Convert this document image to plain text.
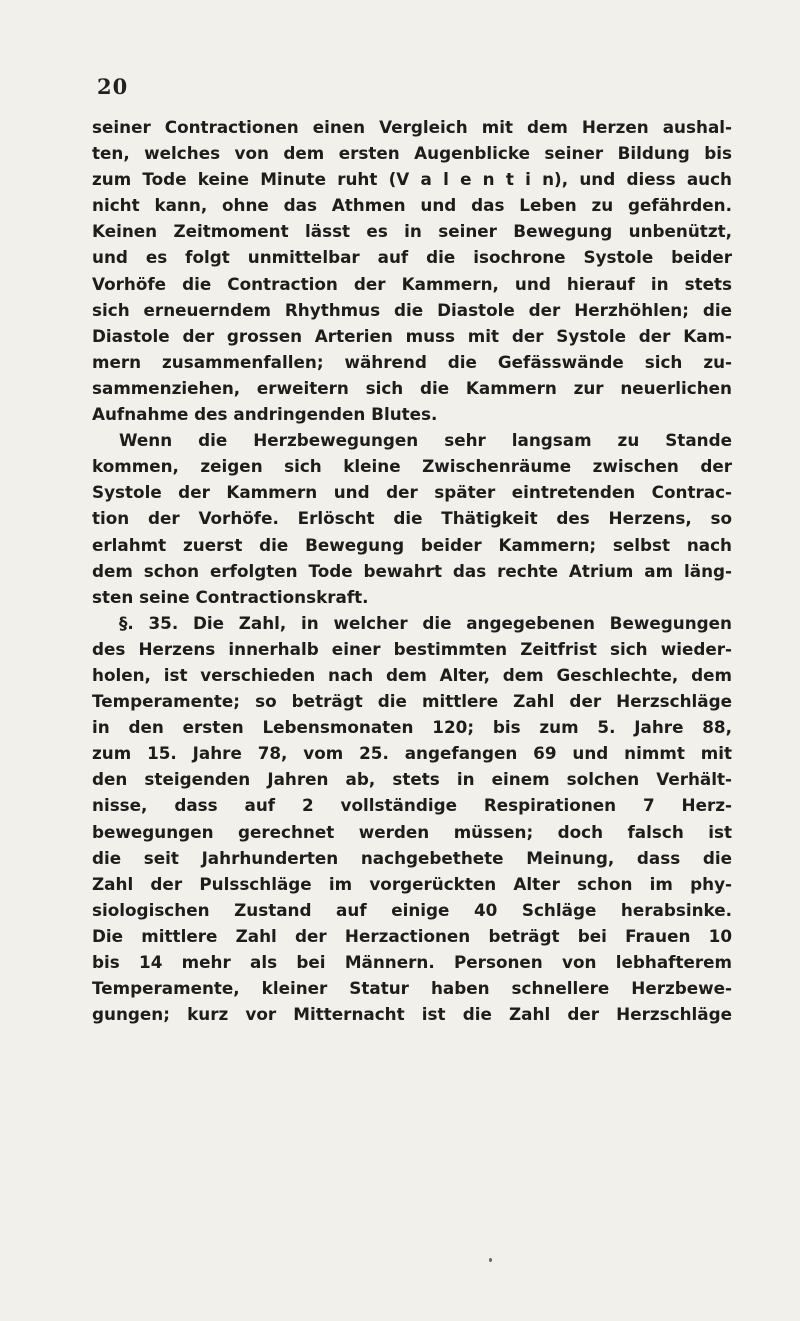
20
seiner Contractionen einen Vergleich mit dem Herzen aushal-
ten, welches von dem ersten Augenblicke seiner Bildung bis
zum Tode keine Minute ruht (V a l e n t i n), und diess auch
nicht kann, ohne das Athmen und das Leben zu gefährden.
Keinen Zeitmoment lässt es in seiner Bewegung unbenützt,
und es folgt unmittelbar auf die isochrone Systole beider
Vorhöfe die Contraction der Kammern, und hierauf in stets
sich erneuerndem Rhythmus die Diastole der Herzhöhlen; die
Diastole der grossen Arterien muss mit der Systole der Kam-
mern zusammenfallen; während die Gefässwände sich zu-
sammenziehen, erweitern sich die Kammern zur neuerlichen
Aufnahme des andringenden Blutes.
Wenn die Herzbewegungen sehr langsam zu Stande
kommen, zeigen sich kleine Zwischenräume zwischen der
Systole der Kammern und der später eintretenden Contrac-
tion der Vorhöfe. Erlöscht die Thätigkeit des Herzens, so
erlahmt zuerst die Bewegung beider Kammern; selbst nach
dem schon erfolgten Tode bewahrt das rechte Atrium am läng-
sten seine Contractionskraft.
§. 35. Die Zahl, in welcher die angegebenen Bewegungen
des Herzens innerhalb einer bestimmten Zeitfrist sich wieder-
holen, ist verschieden nach dem Alter, dem Geschlechte, dem
Temperamente; so beträgt die mittlere Zahl der Herzschläge
in den ersten Lebensmonaten 120; bis zum 5. Jahre 88,
zum 15. Jahre 78, vom 25. angefangen 69 und nimmt mit
den steigenden Jahren ab, stets in einem solchen Verhält-
nisse, dass auf 2 vollständige Respirationen 7 Herz-
bewegungen gerechnet werden müssen; doch falsch ist
die seit Jahrhunderten nachgebethete Meinung, dass die
Zahl der Pulsschläge im vorgerückten Alter schon im phy-
siologischen Zustand auf einige 40 Schläge herabsinke.
Die mittlere Zahl der Herzactionen beträgt bei Frauen 10
bis 14 mehr als bei Männern. Personen von lebhafterem
Temperamente, kleiner Statur haben schnellere Herzbewe-
gungen; kurz vor Mitternacht ist die Zahl der Herzschläge
